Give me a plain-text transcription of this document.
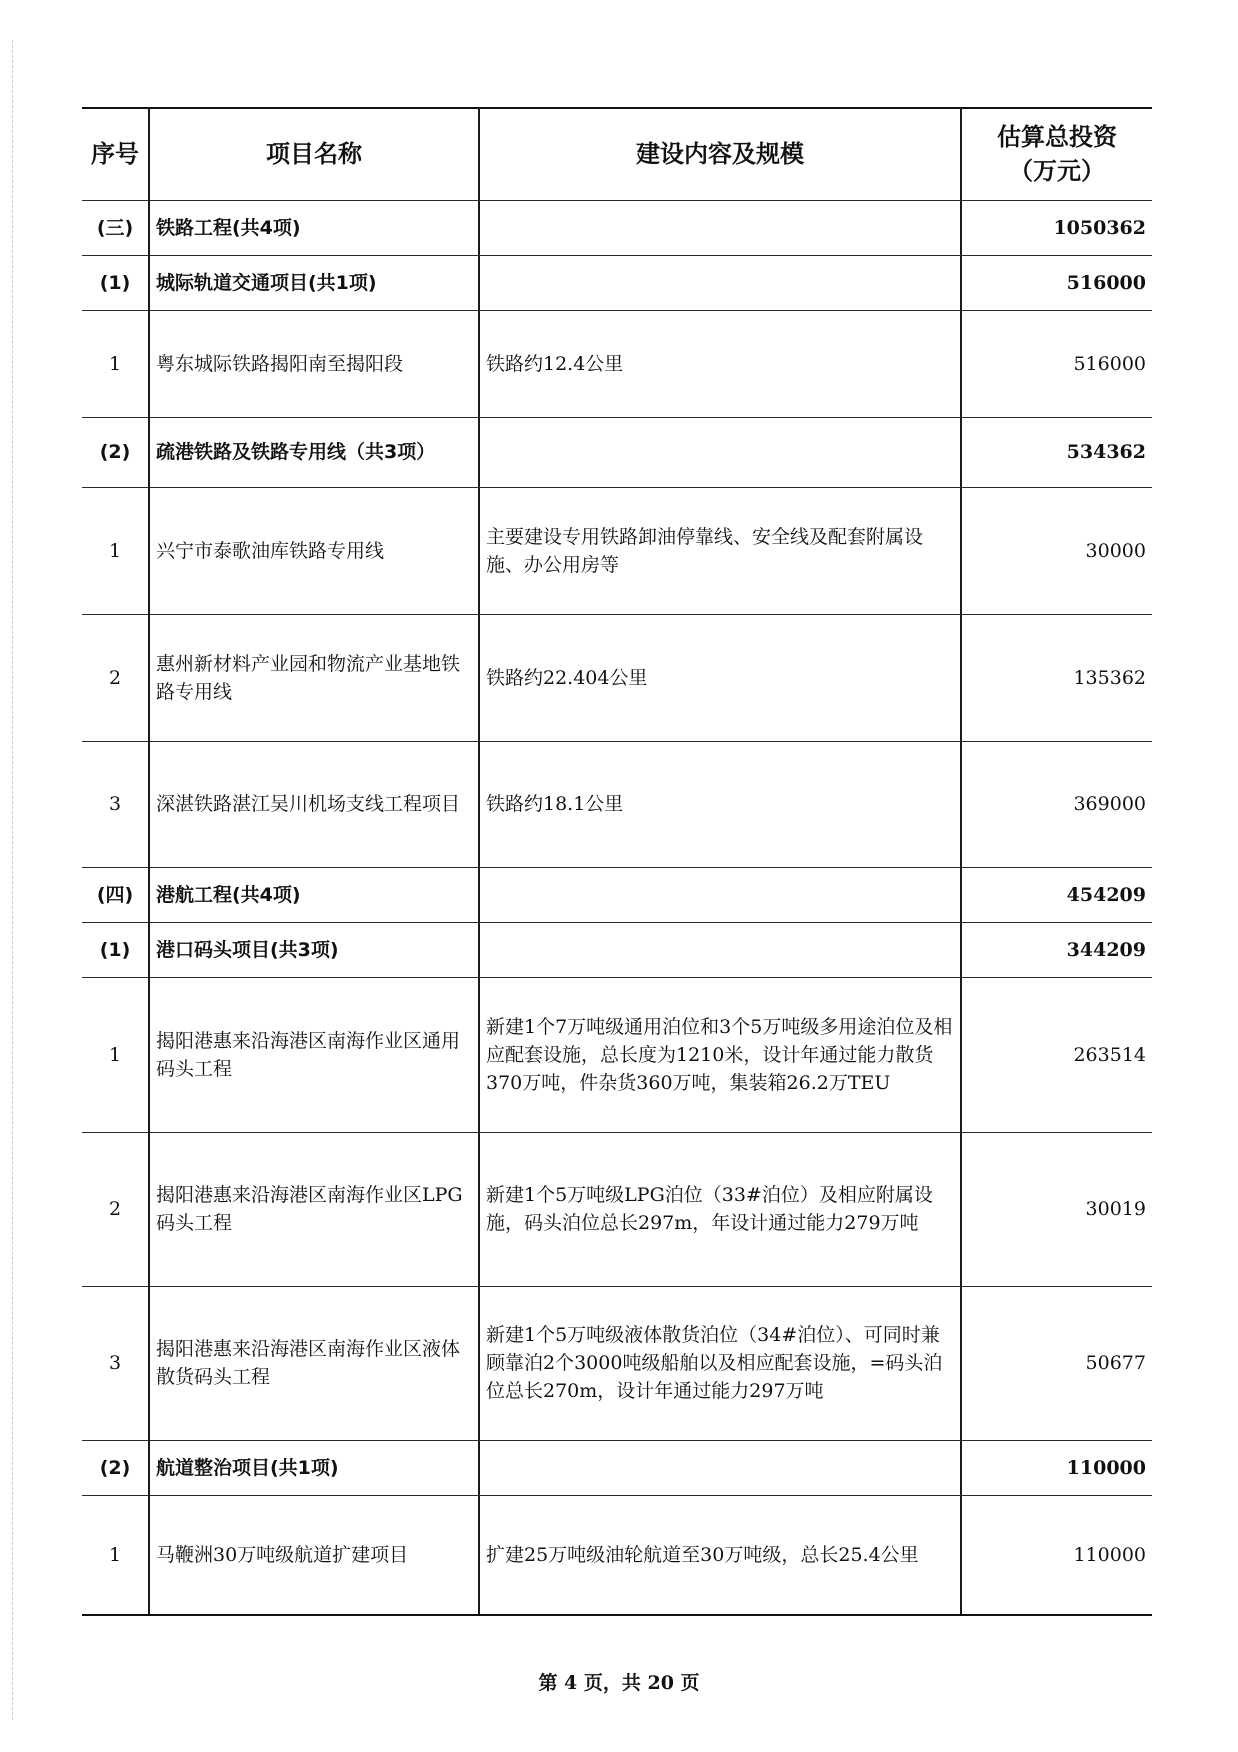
序号	项目名称	建设内容及规模	估算总投资
（万元）

(三)	铁路工程(共4项)		1050362
(1)	城际轨道交通项目(共1项)		516000
1	粤东城际铁路揭阳南至揭阳段	铁路约12.4公里	516000
(2)	疏港铁路及铁路专用线（共3项）		534362
1	兴宁市泰歌油库铁路专用线	主要建设专用铁路卸油停靠线、安全线及配套附属设施、办公用房等	30000
2	惠州新材料产业园和物流产业基地铁路专用线	铁路约22.404公里	135362
3	深湛铁路湛江吴川机场支线工程项目	铁路约18.1公里	369000
(四)	港航工程(共4项)		454209
(1)	港口码头项目(共3项)		344209
1	揭阳港惠来沿海港区南海作业区通用码头工程	新建1个7万吨级通用泊位和3个5万吨级多用途泊位及相应配套设施，总长度为1210米，设计年通过能力散货370万吨，件杂货360万吨，集装箱26.2万TEU	263514
2	揭阳港惠来沿海港区南海作业区LPG码头工程	新建1个5万吨级LPG泊位（33#泊位）及相应附属设施，码头泊位总长297m，年设计通过能力279万吨	30019
3	揭阳港惠来沿海港区南海作业区液体散货码头工程	新建1个5万吨级液体散货泊位（34#泊位）、可同时兼顾靠泊2个3000吨级船舶以及相应配套设施，=码头泊位总长270m，设计年通过能力297万吨	50677
(2)	航道整治项目(共1项)		110000
1	马鞭洲30万吨级航道扩建项目	扩建25万吨级油轮航道至30万吨级，总长25.4公里	110000
第 4 页，共 20 页
